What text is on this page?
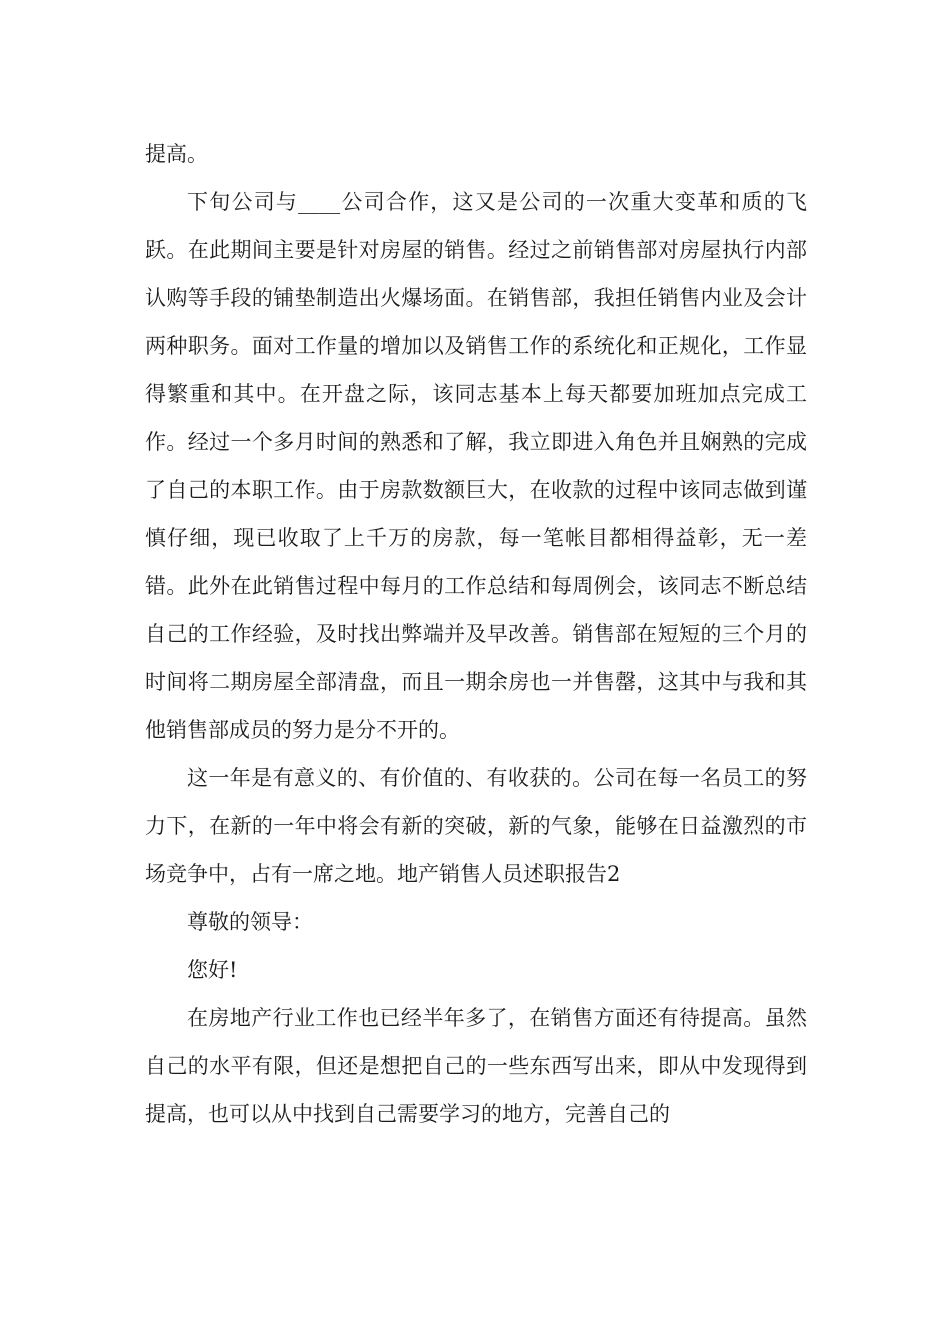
提高。

下旬公司与____公司合作，这又是公司的一次重大变革和质的飞跃。在此期间主要是针对房屋的销售。经过之前销售部对房屋执行内部认购等手段的铺垫制造出火爆场面。在销售部，我担任销售内业及会计两种职务。面对工作量的增加以及销售工作的系统化和正规化，工作显得繁重和其中。在开盘之际，该同志基本上每天都要加班加点完成工作。经过一个多月时间的熟悉和了解，我立即进入角色并且娴熟的完成了自己的本职工作。由于房款数额巨大，在收款的过程中该同志做到谨慎仔细，现已收取了上千万的房款，每一笔帐目都相得益彰，无一差错。此外在此销售过程中每月的工作总结和每周例会，该同志不断总结自己的工作经验，及时找出弊端并及早改善。销售部在短短的三个月的时间将二期房屋全部清盘，而且一期余房也一并售罄，这其中与我和其他销售部成员的努力是分不开的。

这一年是有意义的、有价值的、有收获的。公司在每一名员工的努力下，在新的一年中将会有新的突破，新的气象，能够在日益激烈的市场竞争中，占有一席之地。地产销售人员述职报告2

尊敬的领导：

您好!

在房地产行业工作也已经半年多了，在销售方面还有待提高。虽然自己的水平有限，但还是想把自己的一些东西写出来，即从中发现得到提高，也可以从中找到自己需要学习的地方，完善自己的
